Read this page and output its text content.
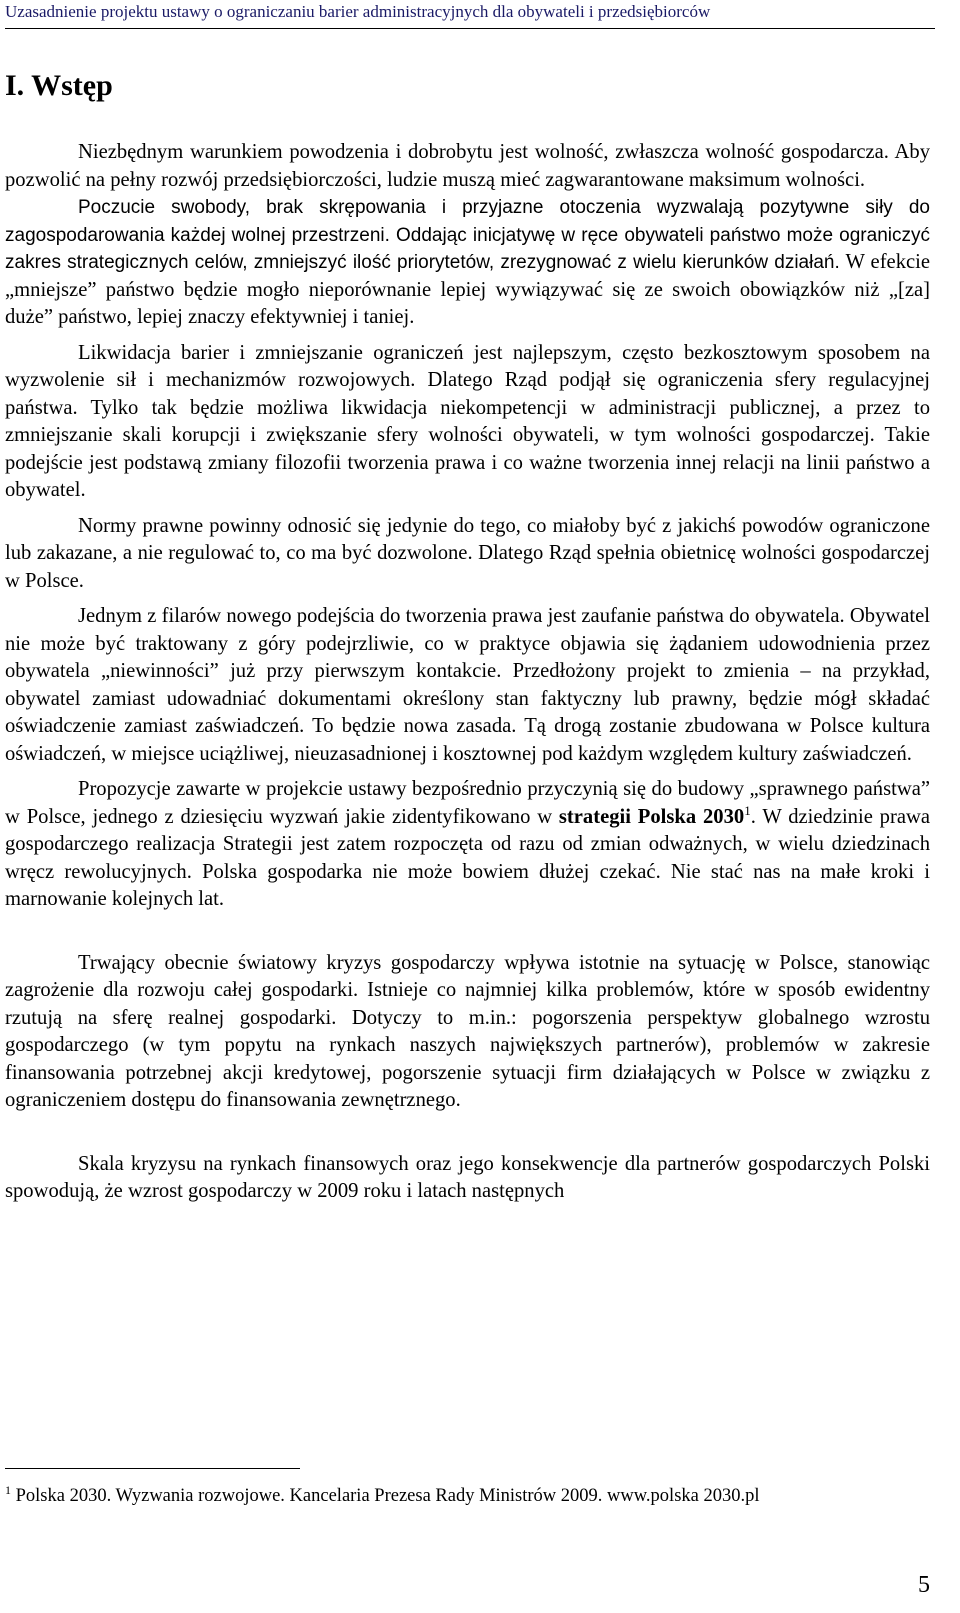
Uzasadnienie projektu ustawy o ograniczaniu barier administracyjnych dla obywateli i przedsiębiorców
I. Wstęp

Niezbędnym warunkiem powodzenia i dobrobytu jest wolność, zwłaszcza wolność gospodarcza. Aby pozwolić na pełny rozwój przedsiębiorczości, ludzie muszą mieć zagwarantowane maksimum wolności.

Poczucie swobody, brak skrępowania i przyjazne otoczenia wyzwalają pozytywne siły do zagospodarowania każdej wolnej przestrzeni. Oddając inicjatywę w ręce obywateli państwo może ograniczyć zakres strategicznych celów, zmniejszyć ilość priorytetów, zrezygnować z wielu kierunków działań. W efekcie „mniejsze” państwo będzie mogło nieporównanie lepiej wywiązywać się ze swoich obowiązków niż „[za] duże” państwo, lepiej znaczy efektywniej i taniej.

Likwidacja barier i zmniejszanie ograniczeń jest najlepszym, często bezkosztowym sposobem na wyzwolenie sił i mechanizmów rozwojowych. Dlatego Rząd podjął się ograniczenia sfery regulacyjnej państwa. Tylko tak będzie możliwa likwidacja niekompetencji w administracji publicznej, a przez to zmniejszanie skali korupcji i zwiększanie sfery wolności obywateli, w tym wolności gospodarczej. Takie podejście jest podstawą zmiany filozofii tworzenia prawa i co ważne tworzenia innej relacji na linii państwo a obywatel.

Normy prawne powinny odnosić się jedynie do tego, co miałoby być z jakichś powodów ograniczone lub zakazane, a nie regulować to, co ma być dozwolone. Dlatego Rząd spełnia obietnicę wolności gospodarczej w Polsce.

Jednym z filarów nowego podejścia do tworzenia prawa jest zaufanie państwa do obywatela. Obywatel nie może być traktowany z góry podejrzliwie, co w praktyce objawia się żądaniem udowodnienia przez obywatela „niewinności” już przy pierwszym kontakcie. Przedłożony projekt to zmienia – na przykład, obywatel zamiast udowadniać dokumentami określony stan faktyczny lub prawny, będzie mógł składać oświadczenie zamiast zaświadczeń. To będzie nowa zasada. Tą drogą zostanie zbudowana w Polsce kultura oświadczeń, w miejsce uciążliwej, nieuzasadnionej i kosztownej pod każdym względem kultury zaświadczeń.

Propozycje zawarte w projekcie ustawy bezpośrednio przyczynią się do budowy „sprawnego państwa” w Polsce, jednego z dziesięciu wyzwań jakie zidentyfikowano w strategii Polska 2030$^1$. W dziedzinie prawa gospodarczego realizacja Strategii jest zatem rozpoczęta od razu od zmian odważnych, w wielu dziedzinach wręcz rewolucyjnych. Polska gospodarka nie może bowiem dłużej czekać. Nie stać nas na małe kroki i marnowanie kolejnych lat.

Trwający obecnie światowy kryzys gospodarczy wpływa istotnie na sytuację w Polsce, stanowiąc zagrożenie dla rozwoju całej gospodarki. Istnieje co najmniej kilka problemów, które w sposób ewidentny rzutują na sferę realnej gospodarki. Dotyczy to m.in.: pogorszenia perspektyw globalnego wzrostu gospodarczego (w tym popytu na rynkach naszych największych partnerów), problemów w zakresie finansowania potrzebnej akcji kredytowej, pogorszenie sytuacji firm działających w Polsce w związku z ograniczeniem dostępu do finansowania zewnętrznego.

Skala kryzysu na rynkach finansowych oraz jego konsekwencje dla partnerów gospodarczych Polski spowodują, że wzrost gospodarczy w 2009 roku i latach następnych

$^1$ Polska 2030. Wyzwania rozwojowe. Kancelaria Prezesa Rady Ministrów 2009. www.polska 2030.pl
5
